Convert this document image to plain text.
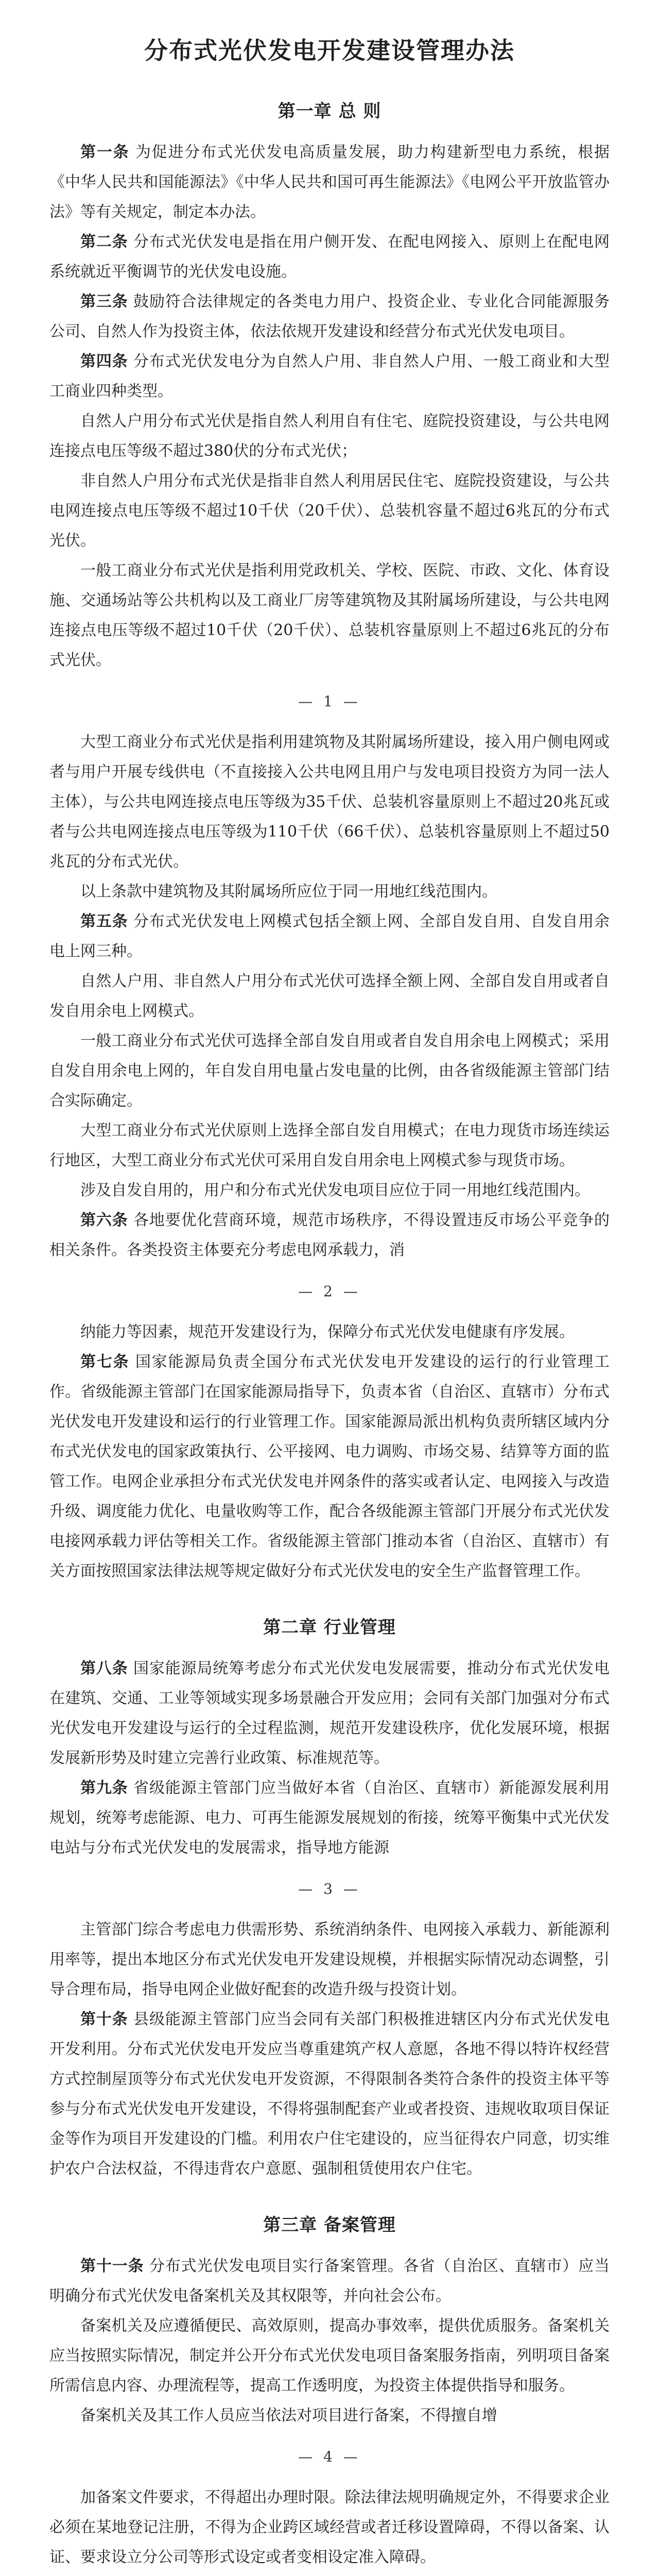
分布式光伏发电开发建设管理办法
第一章 总 则

第一条 为促进分布式光伏发电高质量发展，助力构建新型电力系统，根据《中华人民共和国能源法》《中华人民共和国可再生能源法》《电网公平开放监管办法》等有关规定，制定本办法。

第二条 分布式光伏发电是指在用户侧开发、在配电网接入、原则上在配电网系统就近平衡调节的光伏发电设施。

第三条 鼓励符合法律规定的各类电力用户、投资企业、专业化合同能源服务公司、自然人作为投资主体，依法依规开发建设和经营分布式光伏发电项目。

第四条 分布式光伏发电分为自然人户用、非自然人户用、一般工商业和大型工商业四种类型。

自然人户用分布式光伏是指自然人利用自有住宅、庭院投资建设，与公共电网连接点电压等级不超过380伏的分布式光伏；

非自然人户用分布式光伏是指非自然人利用居民住宅、庭院投资建设，与公共电网连接点电压等级不超过10千伏（20千伏）、总装机容量不超过6兆瓦的分布式光伏。

一般工商业分布式光伏是指利用党政机关、学校、医院、市政、文化、体育设施、交通场站等公共机构以及工商业厂房等建筑物及其附属场所建设，与公共电网连接点电压等级不超过10千伏（20千伏）、总装机容量原则上不超过6兆瓦的分布式光伏。

— 1 —

大型工商业分布式光伏是指利用建筑物及其附属场所建设，接入用户侧电网或者与用户开展专线供电（不直接接入公共电网且用户与发电项目投资方为同一法人主体），与公共电网连接点电压等级为35千伏、总装机容量原则上不超过20兆瓦或者与公共电网连接点电压等级为110千伏（66千伏）、总装机容量原则上不超过50兆瓦的分布式光伏。

以上条款中建筑物及其附属场所应位于同一用地红线范围内。

第五条 分布式光伏发电上网模式包括全额上网、全部自发自用、自发自用余电上网三种。

自然人户用、非自然人户用分布式光伏可选择全额上网、全部自发自用或者自发自用余电上网模式。

一般工商业分布式光伏可选择全部自发自用或者自发自用余电上网模式；采用自发自用余电上网的，年自发自用电量占发电量的比例，由各省级能源主管部门结合实际确定。

大型工商业分布式光伏原则上选择全部自发自用模式；在电力现货市场连续运行地区，大型工商业分布式光伏可采用自发自用余电上网模式参与现货市场。

涉及自发自用的，用户和分布式光伏发电项目应位于同一用地红线范围内。

第六条 各地要优化营商环境，规范市场秩序，不得设置违反市场公平竞争的相关条件。各类投资主体要充分考虑电网承载力，消

— 2 —

纳能力等因素，规范开发建设行为，保障分布式光伏发电健康有序发展。

第七条 国家能源局负责全国分布式光伏发电开发建设的运行的行业管理工作。省级能源主管部门在国家能源局指导下，负责本省（自治区、直辖市）分布式光伏发电开发建设和运行的行业管理工作。国家能源局派出机构负责所辖区域内分布式光伏发电的国家政策执行、公平接网、电力调购、市场交易、结算等方面的监管工作。电网企业承担分布式光伏发电并网条件的落实或者认定、电网接入与改造升级、调度能力优化、电量收购等工作，配合各级能源主管部门开展分布式光伏发电接网承载力评估等相关工作。省级能源主管部门推动本省（自治区、直辖市）有关方面按照国家法律法规等规定做好分布式光伏发电的安全生产监督管理工作。

第二章 行业管理

第八条 国家能源局统筹考虑分布式光伏发电发展需要，推动分布式光伏发电在建筑、交通、工业等领域实现多场景融合开发应用；会同有关部门加强对分布式光伏发电开发建设与运行的全过程监测，规范开发建设秩序，优化发展环境，根据发展新形势及时建立完善行业政策、标准规范等。

第九条 省级能源主管部门应当做好本省（自治区、直辖市）新能源发展利用规划，统筹考虑能源、电力、可再生能源发展规划的衔接，统筹平衡集中式光伏发电站与分布式光伏发电的发展需求，指导地方能源

— 3 —

主管部门综合考虑电力供需形势、系统消纳条件、电网接入承载力、新能源利用率等，提出本地区分布式光伏发电开发建设规模，并根据实际情况动态调整，引导合理布局，指导电网企业做好配套的改造升级与投资计划。

第十条 县级能源主管部门应当会同有关部门积极推进辖区内分布式光伏发电开发利用。分布式光伏发电开发应当尊重建筑产权人意愿，各地不得以特许权经营方式控制屋顶等分布式光伏发电开发资源，不得限制各类符合条件的投资主体平等参与分布式光伏发电开发建设，不得将强制配套产业或者投资、违规收取项目保证金等作为项目开发建设的门槛。利用农户住宅建设的，应当征得农户同意，切实维护农户合法权益，不得违背农户意愿、强制租赁使用农户住宅。

第三章 备案管理

第十一条 分布式光伏发电项目实行备案管理。各省（自治区、直辖市）应当明确分布式光伏发电备案机关及其权限等，并向社会公布。

备案机关及应遵循便民、高效原则，提高办事效率，提供优质服务。备案机关应当按照实际情况，制定并公开分布式光伏发电项目备案服务指南，列明项目备案所需信息内容、办理流程等，提高工作透明度，为投资主体提供指导和服务。

备案机关及其工作人员应当依法对项目进行备案，不得擅自增

— 4 —

加备案文件要求，不得超出办理时限。除法律法规明确规定外，不得要求企业必须在某地登记注册，不得为企业跨区域经营或者迁移设置障碍，不得以备案、认证、要求设立分公司等形式设定或者变相设定准入障碍。
